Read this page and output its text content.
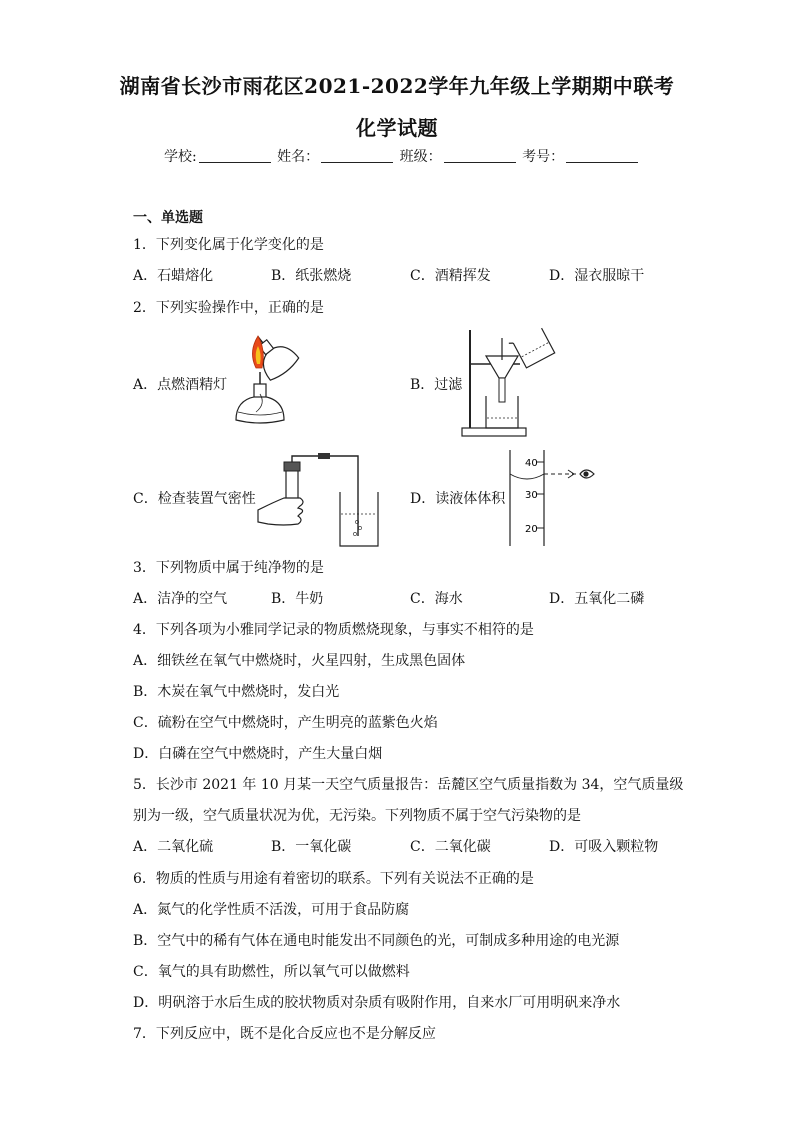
湖南省长沙市雨花区2021-2022学年九年级上学期期中联考
化学试题
学校:	姓名：	班级：	考号：
一、单选题
1．下列变化属于化学变化的是
A．石蜡熔化	B．纸张燃烧	C．酒精挥发	D．湿衣服晾干
2．下列实验操作中，正确的是
A．点燃酒精灯	B．过滤
C．检查装置气密性	D．读液体体积
40
30
20
3．下列物质中属于纯净物的是
A．洁净的空气	B．牛奶	C．海水	D．五氧化二磷
4．下列各项为小雅同学记录的物质燃烧现象，与事实不相符的是
A．细铁丝在氧气中燃烧时，火星四射，生成黑色固体
B．木炭在氧气中燃烧时，发白光
C．硫粉在空气中燃烧时，产生明亮的蓝紫色火焰
D．白磷在空气中燃烧时，产生大量白烟
5．长沙市 2021 年 10 月某一天空气质量报告：岳麓区空气质量指数为 34，空气质量级
别为一级，空气质量状况为优，无污染。下列物质不属于空气污染物的是
A．二氧化硫	B．一氧化碳	C．二氧化碳	D．可吸入颗粒物
6．物质的性质与用途有着密切的联系。下列有关说法不正确的是
A．氮气的化学性质不活泼，可用于食品防腐
B．空气中的稀有气体在通电时能发出不同颜色的光，可制成多种用途的电光源
C．氧气的具有助燃性，所以氧气可以做燃料
D．明矾溶于水后生成的胶状物质对杂质有吸附作用，自来水厂可用明矾来净水
7．下列反应中，既不是化合反应也不是分解反应
